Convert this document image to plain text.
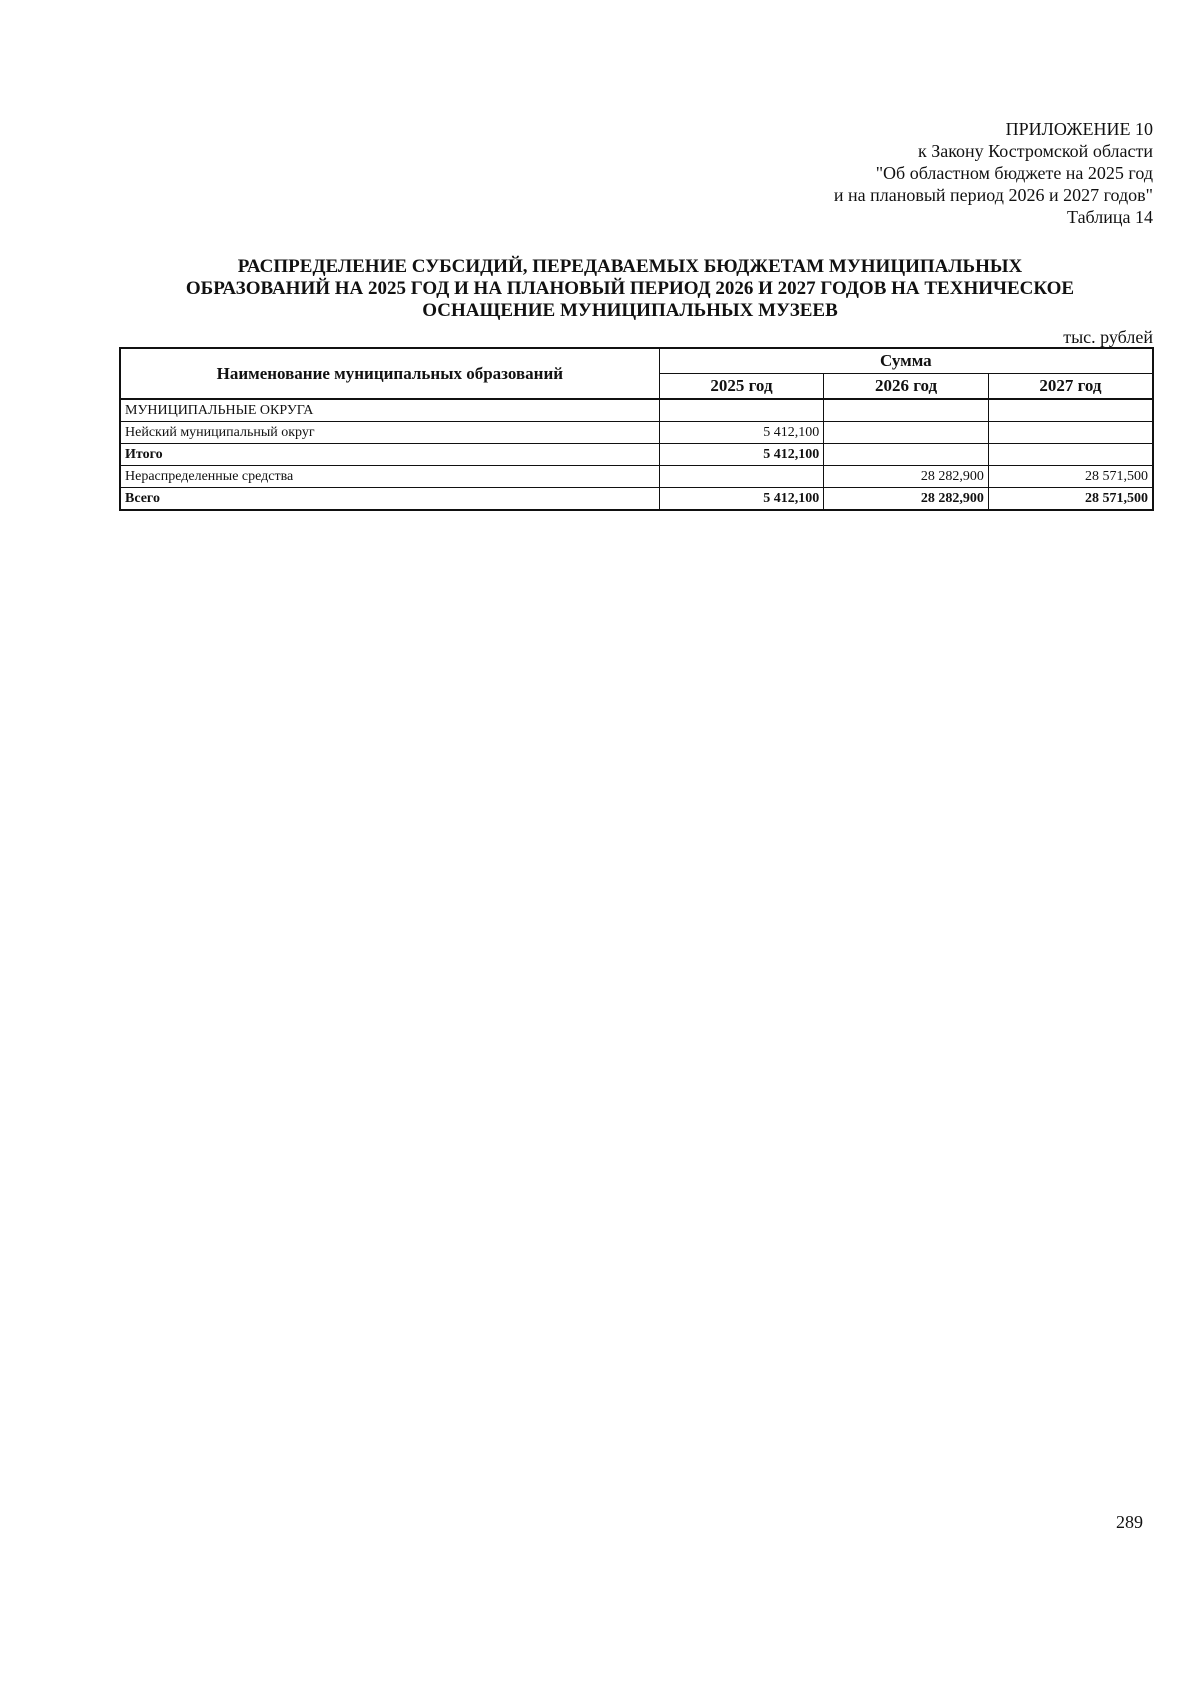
ПРИЛОЖЕНИЕ 10
к Закону Костромской области
"Об областном бюджете на 2025 год
и на плановый период 2026 и 2027 годов"
Таблица 14
РАСПРЕДЕЛЕНИЕ СУБСИДИЙ, ПЕРЕДАВАЕМЫХ БЮДЖЕТАМ МУНИЦИПАЛЬНЫХ
ОБРАЗОВАНИЙ НА 2025 ГОД И НА ПЛАНОВЫЙ ПЕРИОД 2026 И 2027 ГОДОВ НА ТЕХНИЧЕСКОЕ
ОСНАЩЕНИЕ МУНИЦИПАЛЬНЫХ МУЗЕЕВ
тыс. рублей
Наименование муниципальных образований	Сумма		
	2025 год	2026 год	2027 год
МУНИЦИПАЛЬНЫЕ ОКРУГА			
Нейский муниципальный округ	5 412,100		
Итого	5 412,100		
Нераспределенные средства		28 282,900	28 571,500
Всего	5 412,100	28 282,900	28 571,500
289
